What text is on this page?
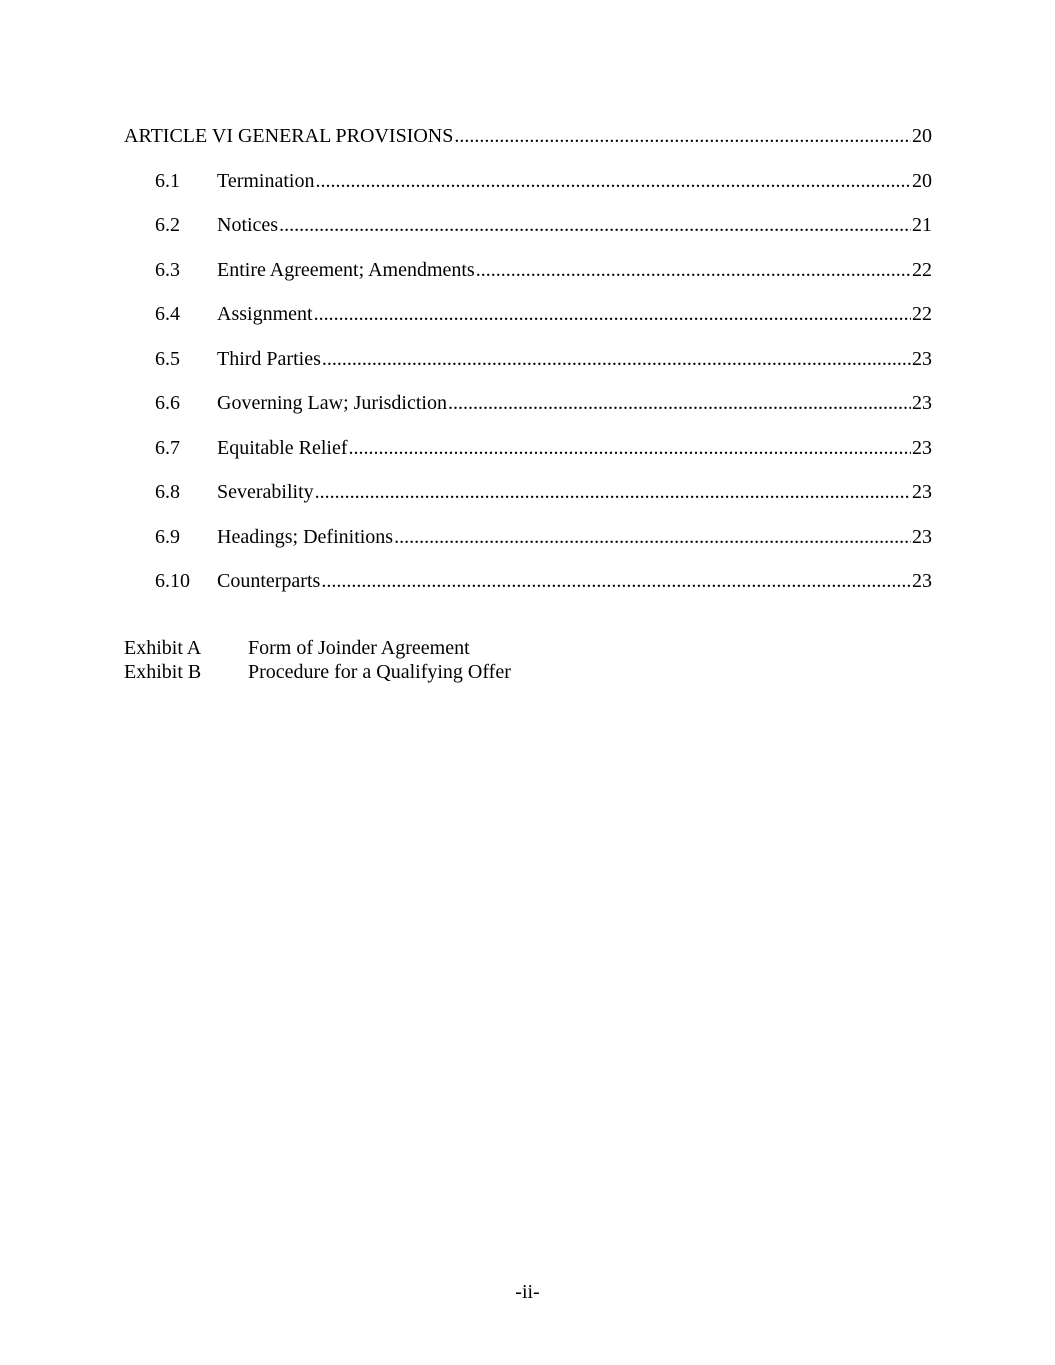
ARTICLE VI GENERAL PROVISIONS .....	20
6.1	Termination .....	20
6.2	Notices .....	21
6.3	Entire Agreement; Amendments .....	22
6.4	Assignment .....	22
6.5	Third Parties .....	23
6.6	Governing Law; Jurisdiction .....	23
6.7	Equitable Relief .....	23
6.8	Severability .....	23
6.9	Headings; Definitions .....	23
6.10	Counterparts .....	23
Exhibit A	Form of Joinder Agreement
Exhibit B	Procedure for a Qualifying Offer
-ii-
